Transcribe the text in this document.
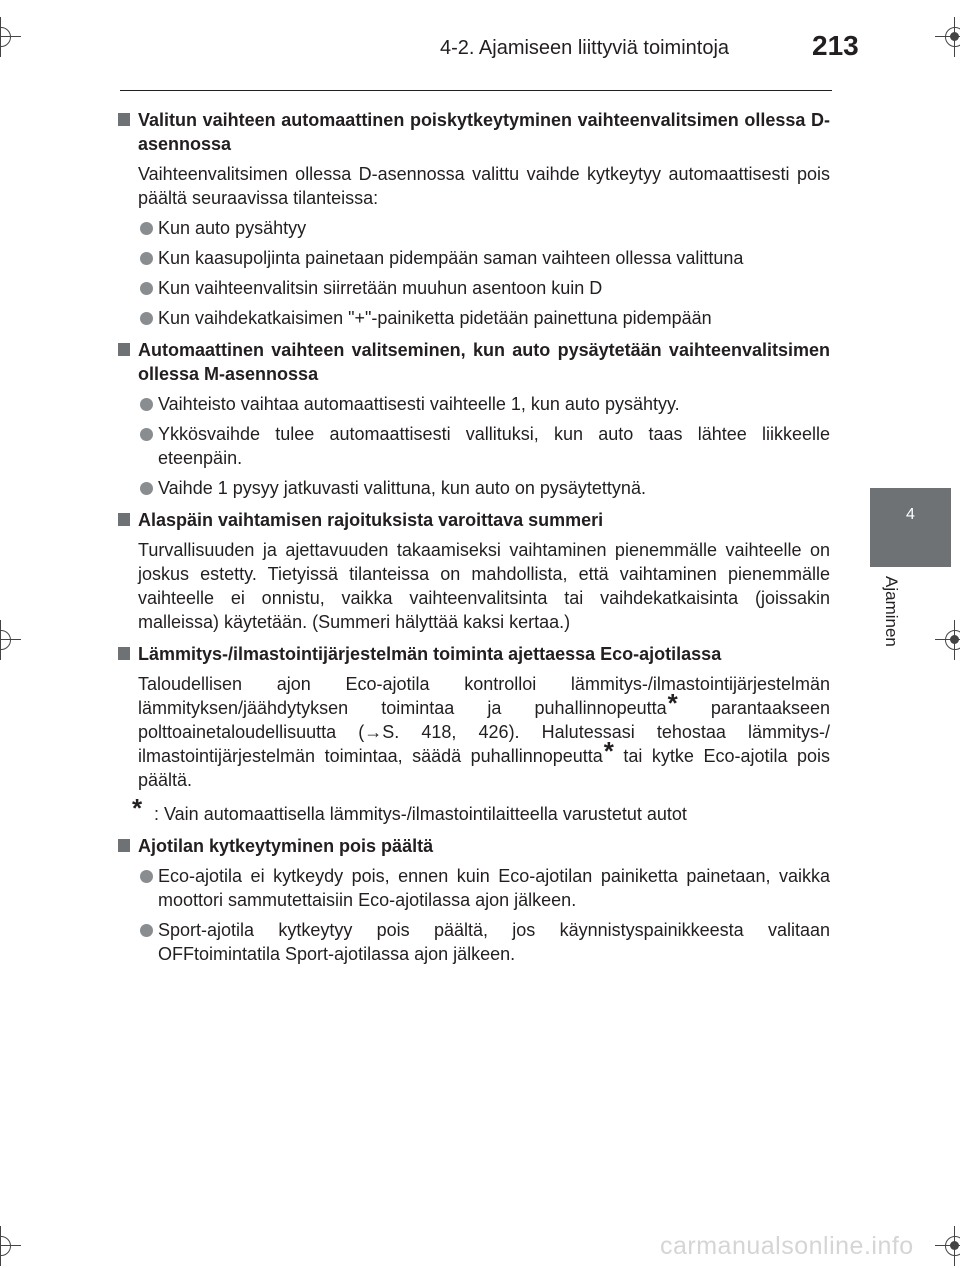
4-2. Ajamiseen liittyviä toimintoja	213
4
Ajaminen
Valitun vaihteen automaattinen poiskytkeytyminen vaihteenvalitsimen ollessa D-asennossa
Vaihteenvalitsimen ollessa D-asennossa valittu vaihde kytkeytyy automaattisesti pois päältä seuraavissa tilanteissa:
Kun auto pysähtyy
Kun kaasupoljinta painetaan pidempään saman vaihteen ollessa valittuna
Kun vaihteenvalitsin siirretään muuhun asentoon kuin D
Kun vaihdekatkaisimen "+"-painiketta pidetään painettuna pidempään
Automaattinen vaihteen valitseminen, kun auto pysäytetään vaihteenvalitsimen ollessa M-asennossa
Vaihteisto vaihtaa automaattisesti vaihteelle 1, kun auto pysähtyy.
Ykkösvaihde tulee automaattisesti vallituksi, kun auto taas lähtee liikkeelle eteenpäin.
Vaihde 1 pysyy jatkuvasti valittuna, kun auto on pysäytettynä.
Alaspäin vaihtamisen rajoituksista varoittava summeri
Turvallisuuden ja ajettavuuden takaamiseksi vaihtaminen pienemmälle vaihteelle on joskus estetty. Tietyissä tilanteissa on mahdollista, että vaihtaminen pienemmälle vaihteelle ei onnistu, vaikka vaihteenvalitsinta tai vaihdekatkaisinta (joissakin malleissa) käytetään. (Summeri hälyttää kaksi kertaa.)
Lämmitys-/ilmastointijärjestelmän toiminta ajettaessa Eco-ajotilassa
Taloudellisen ajon Eco-ajotila kontrolloi lämmitys-/ilmastointijärjestelmän lämmityksen/jäähdytyksen toimintaa ja puhallinnopeutta* parantaakseen polttoainetaloudellisuutta (→S. 418, 426). Halutessasi tehostaa lämmitys-/ ilmastointijärjestelmän toimintaa, säädä puhallinnopeutta* tai kytke Eco-ajotila pois päältä.
* : Vain automaattisella lämmitys-/ilmastointilaitteella varustetut autot
Ajotilan kytkeytyminen pois päältä
Eco-ajotila ei kytkeydy pois, ennen kuin Eco-ajotilan painiketta painetaan, vaikka moottori sammutettaisiin Eco-ajotilassa ajon jälkeen.
Sport-ajotila kytkeytyy pois päältä, jos käynnistyspainikkeesta valitaan OFFtoimintatila Sport-ajotilassa ajon jälkeen.
carmanualsonline.info
